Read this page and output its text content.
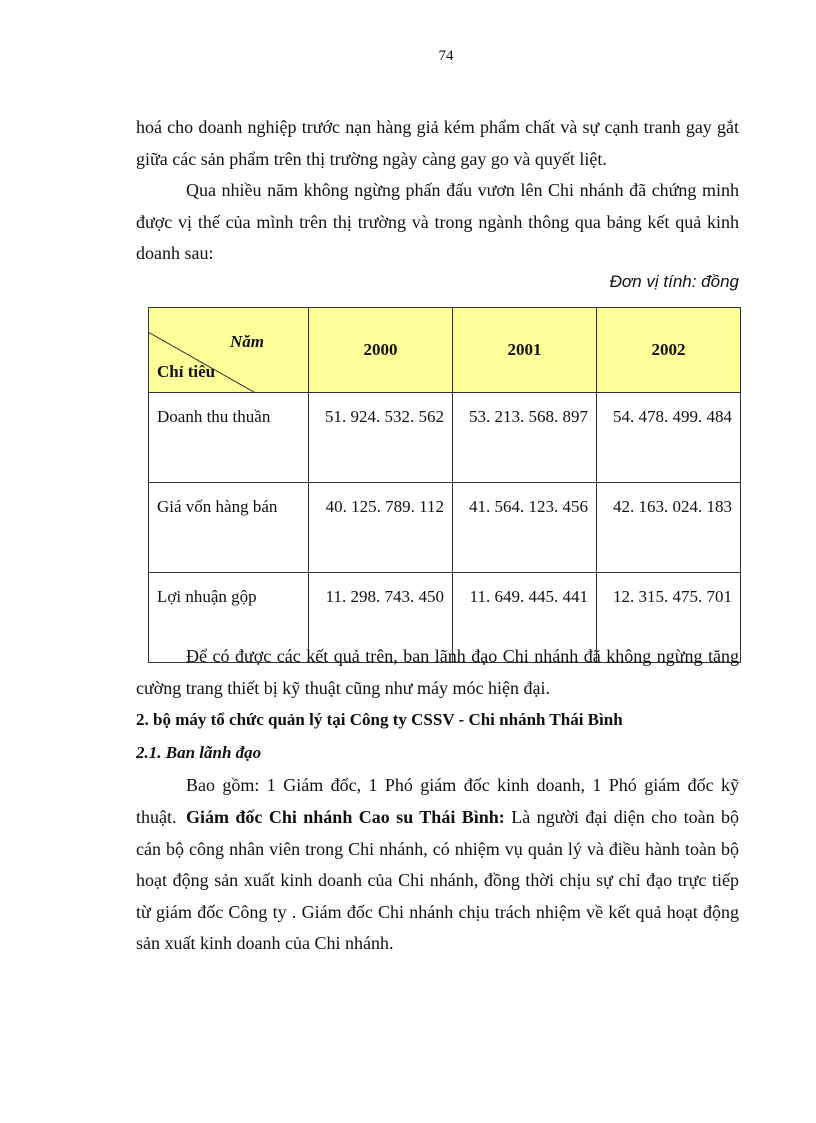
74

hoá cho doanh nghiệp trước nạn hàng giả kém phẩm chất và sự cạnh tranh gay gắt giữa các sản phẩm trên thị trường ngày càng gay go và quyết liệt.

Qua nhiều năm không ngừng phấn đấu vươn lên Chi nhánh đã chứng minh được vị thế của mình trên thị trường và trong ngành thông qua bảng kết quả kinh doanh sau:

Đơn vị tính: đồng
Năm
Chỉ tiêu	2000	2001	2002
Doanh thu thuần	51. 924. 532. 562	53. 213. 568. 897	54. 478. 499. 484
Giá vốn hàng bán	40. 125. 789. 112	41. 564. 123. 456	42. 163. 024. 183
Lợi nhuận gộp	11. 298. 743. 450	11. 649. 445. 441	12. 315. 475. 701

Để có được các kết quả trên, ban lãnh đạo Chi nhánh đã không ngừng tăng cường trang thiết bị kỹ thuật cũng như máy móc hiện đại.

2. bộ máy tổ chức quản lý tại Công ty CSSV - Chi nhánh Thái Bình
2.1. Ban lãnh đạo

Bao gồm: 1 Giám đốc, 1 Phó giám đốc kinh doanh, 1 Phó giám đốc kỹ thuật. Giám đốc Chi nhánh Cao su Thái Bình: Là người đại diện cho toàn bộ cán bộ công nhân viên trong Chi nhánh, có nhiệm vụ quản lý và điều hành toàn bộ hoạt động sản xuất kinh doanh của Chi nhánh, đồng thời chịu sự chỉ đạo trực tiếp từ giám đốc Công ty . Giám đốc Chi nhánh chịu trách nhiệm về kết quả hoạt động sản xuất kinh doanh của Chi nhánh.
